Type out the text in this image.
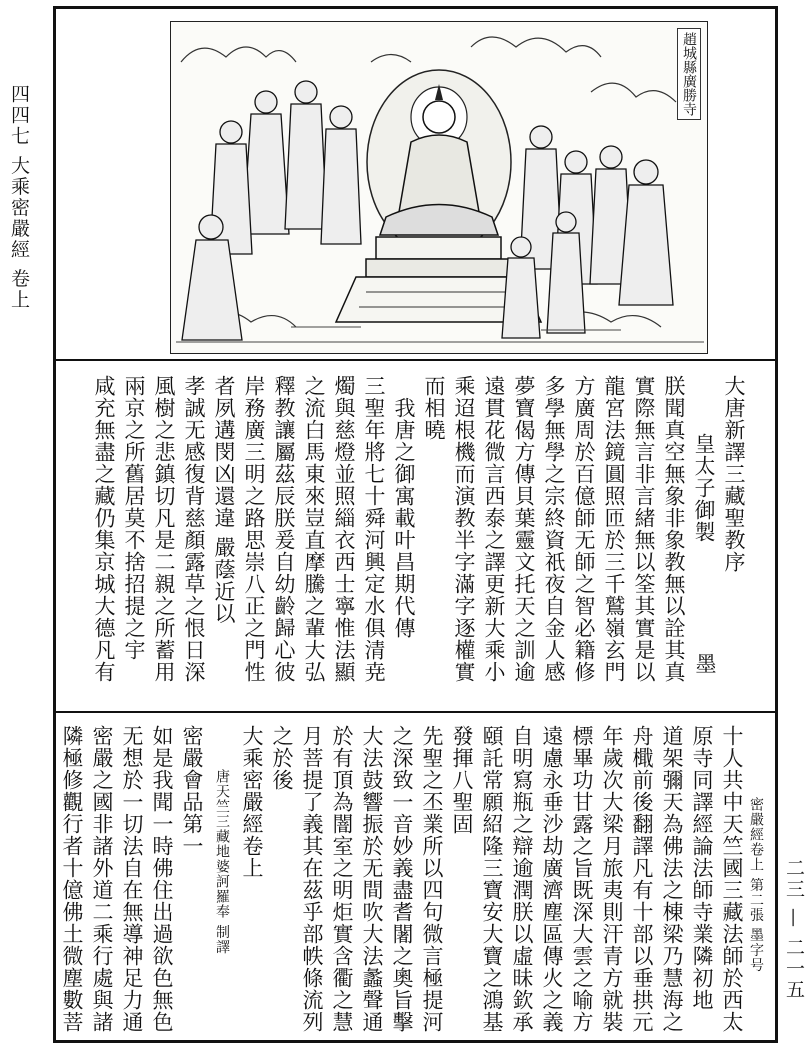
四四七 大乘密嚴經 卷上
二三 — 二一五
趙城縣廣勝寺
大唐新譯三藏聖教序
皇太子御製
朕聞真空無象非象教無以詮其真
實際無言非言緒無以筌其實是以
龍宮法鏡圓照匝於三千鷲嶺玄門
方廣周於百億師无師之智必籍修
多學無學之宗終資祇夜自金人感
夢寶偈方傳貝葉靈文托天之訓逾
遠貫花微言西泰之譯更新大乘小
乘迢根機而演教半字滿字逐權實
而相曉
我唐之御寓載叶昌期代傳
三聖年將七十舜河興定水俱清尭
燭與慈燈並照緇衣西士寧惟法顯
之流白馬東來豈直摩騰之輩大弘
釋教讓屬茲辰朕爰自幼齡歸心彼
岸務廣三明之路思崇八正之門性
者夙遘閔凶還違 嚴蔭近以
孝誠无感復背慈顏露草之恨日深
風樹之悲鎮切凡是二親之所蓄用
兩京之所舊居莫不捨招提之宇
咸充無盡之藏仍集京城大德凡有	墨
密嚴經卷上 第二張 墨字号
十人共中天竺國三藏法師於西太
原寺同譯經論法師寺業隣初地
道架彌天為佛法之棟梁乃慧海之
舟檝前後翻譯凡有十部以垂拱元
年歲次大梁月旅夷則汗青方就裝
標畢功甘露之旨既深大雲之喻方
遠慮永垂沙劫廣濟塵區傳火之義
自明寫瓶之辯逾潤朕以虛昧欽承
頤託常願紹隆三寶安大寶之鴻基
發揮八聖固
先聖之丕業所以四句微言極提河
之深致一音妙義盡耆闍之奧旨擊
大法鼓響振於无間吹大法蠡聲通
於有頂為闇室之明炬實含衢之慧
月菩提了義其在茲乎部帙條流列
之於後
大乘密嚴經卷上
唐天竺三藏地婆訶羅奉 制譯
密嚴會品第一
如是我聞一時佛住出過欲色無色
无想於一切法自在無導神足力通
密嚴之國非諸外道二乘行處與諸
隣極修觀行者十億佛土微塵數菩
